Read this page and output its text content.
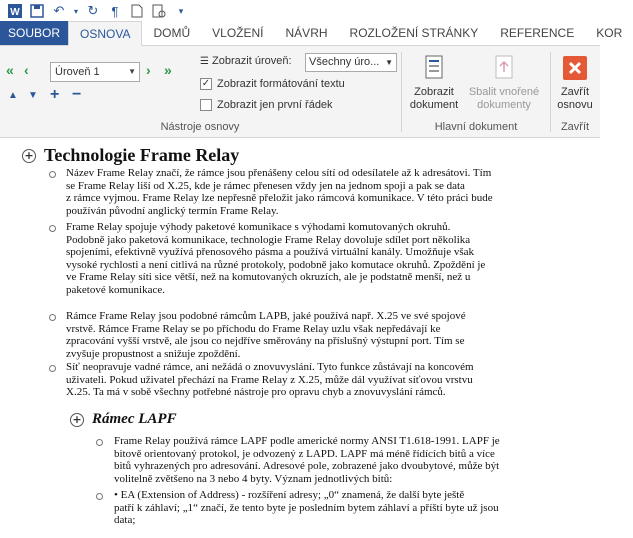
W	↶	▾ ↻	¶	▾
SOUBOR	OSNOVA	DOMŮ	VLOŽENÍ	NÁVRH	ROZLOŽENÍ STRÁNKY	REFERENCE	KOR
« ‹	Úroveň 1	▼ › »
▲ ▼ + −
☰ Zobrazit úroveň:	Všechny úro... ▼
✓ Zobrazit formátování textu
Zobrazit jen první řádek
Nástroje osnovy
Zobrazit
dokument
Sbalit vnořené
dokumenty
Hlavní dokument
Zavřít
osnovu
Zavřít
+ Technologie Frame Relay
Název Frame Relay značí, že rámce jsou přenášeny celou sítí od odesílatele až k adresátovi. Tím
se Frame Relay liší od X.25, kde je rámec přenesen vždy jen na jednom spoji a pak se data
z rámce vyjmou. Frame Relay lze nepřesně přeložit jako rámcová komunikace. V této práci bude
používán původní anglický termín Frame Relay.
Frame Relay spojuje výhody paketové komunikace s výhodami komutovaných okruhů.
Podobně jako paketová komunikace, technologie Frame Relay dovoluje sdílet port několika
spojeními, efektivně využívá přenosového pásma a používá virtuální kanály. Umožňuje však
vysoké rychlosti a není citlivá na různé protokoly, podobně jako komutace okruhů. Zpoždění je
ve Frame Relay síti sice větší, než na komutovaných okruzích, ale je podstatně menší, než u
paketové komunikace.
Rámce Frame Relay jsou podobné rámcům LAPB, jaké používá např. X.25 ve své spojové
vrstvě. Rámce Frame Relay se po příchodu do Frame Relay uzlu však nepředávají ke
zpracování vyšší vrstvě, ale jsou co nejdříve směrovány na příslušný výstupní port. Tím se
zvyšuje propustnost a snižuje zpoždění.
Síť neopravuje vadné rámce, ani nežádá o znovuvyslání. Tyto funkce zůstávají na koncovém
uživateli. Pokud uživatel přechází na Frame Relay z X.25, může dál využívat síťovou vrstvu
X.25. Ta má v sobě všechny potřebné nástroje pro opravu chyb a znovuvyslání rámců.
+ Rámec LAPF
Frame Relay používá rámce LAPF podle americké normy ANSI T1.618-1991. LAPF je
bitově orientovaný protokol, je odvozený z LAPD. LAPF má méně řídících bitů a více
bitů vyhrazených pro adresování. Adresové pole, zobrazené jako dvoubytové, může být
volitelně zvětšeno na 3 nebo 4 byty. Význam jednotlivých bitů:
• EA (Extension of Address) - rozšíření adresy; „0“ znamená, že další byte ještě
patří k záhlaví; „1“ značí, že tento byte je posledním bytem záhlaví a příští byte už jsou
data;
